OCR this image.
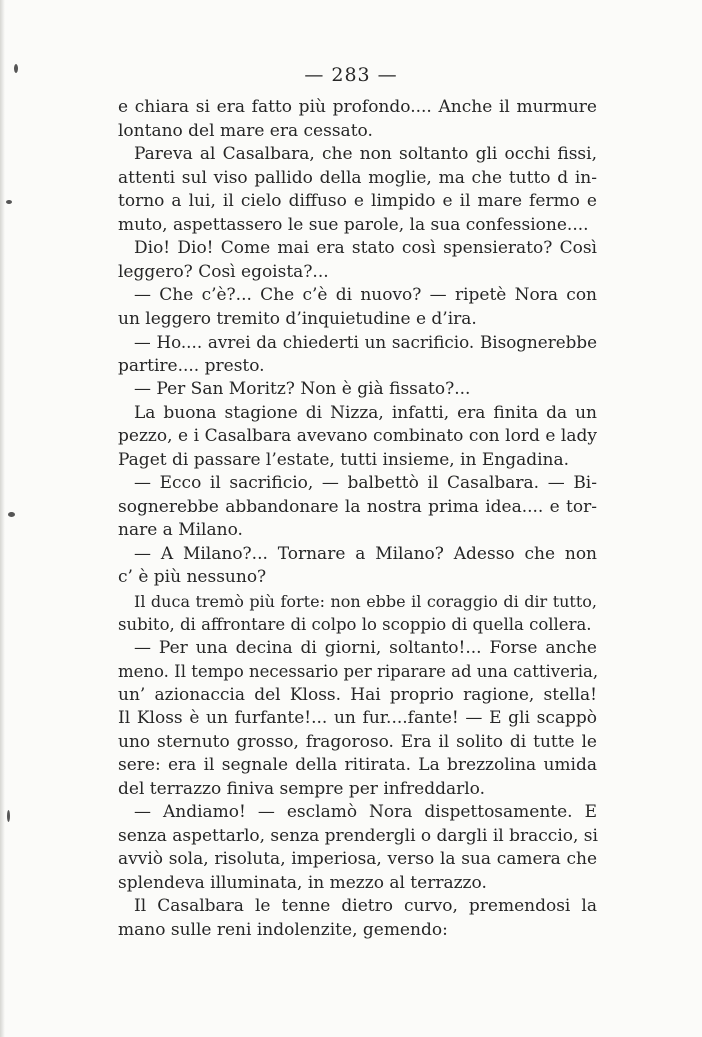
— 283 —
e chiara si era fatto più profondo.... Anche il murmure
lontano del mare era cessato.
Pareva al Casalbara, che non soltanto gli occhi fissi,
attenti sul viso pallido della moglie, ma che tutto d in-
torno a lui, il cielo diffuso e limpido e il mare fermo e
muto, aspettassero le sue parole, la sua confessione....
Dio! Dio! Come mai era stato così spensierato? Così
leggero? Così egoista?...
— Che c’è?... Che c’è di nuovo? — ripetè Nora con
un leggero tremito d’inquietudine e d’ira.
— Ho.... avrei da chiederti un sacrificio. Bisognerebbe
partire.... presto.
— Per San Moritz? Non è già fissato?...
La buona stagione di Nizza, infatti, era finita da un
pezzo, e i Casalbara avevano combinato con lord e lady
Paget di passare l’estate, tutti insieme, in Engadina.
— Ecco il sacrificio, — balbettò il Casalbara. — Bi-
sognerebbe abbandonare la nostra prima idea.... e tor-
nare a Milano.
— A Milano?... Tornare a Milano? Adesso che non
c’ è più nessuno?
Il duca tremò più forte: non ebbe il coraggio di dir tutto,
subito, di affrontare di colpo lo scoppio di quella collera.
— Per una decina di giorni, soltanto!... Forse anche
meno. Il tempo necessario per riparare ad una cattiveria,
un’ azionaccia del Kloss. Hai proprio ragione, stella!
Il Kloss è un furfante!... un fur....fante! — E gli scappò
uno sternuto grosso, fragoroso. Era il solito di tutte le
sere: era il segnale della ritirata. La brezzolina umida
del terrazzo finiva sempre per infreddarlo.
— Andiamo! — esclamò Nora dispettosamente. E
senza aspettarlo, senza prendergli o dargli il braccio, si
avviò sola, risoluta, imperiosa, verso la sua camera che
splendeva illuminata, in mezzo al terrazzo.
Il Casalbara le tenne dietro curvo, premendosi la
mano sulle reni indolenzite, gemendo:
